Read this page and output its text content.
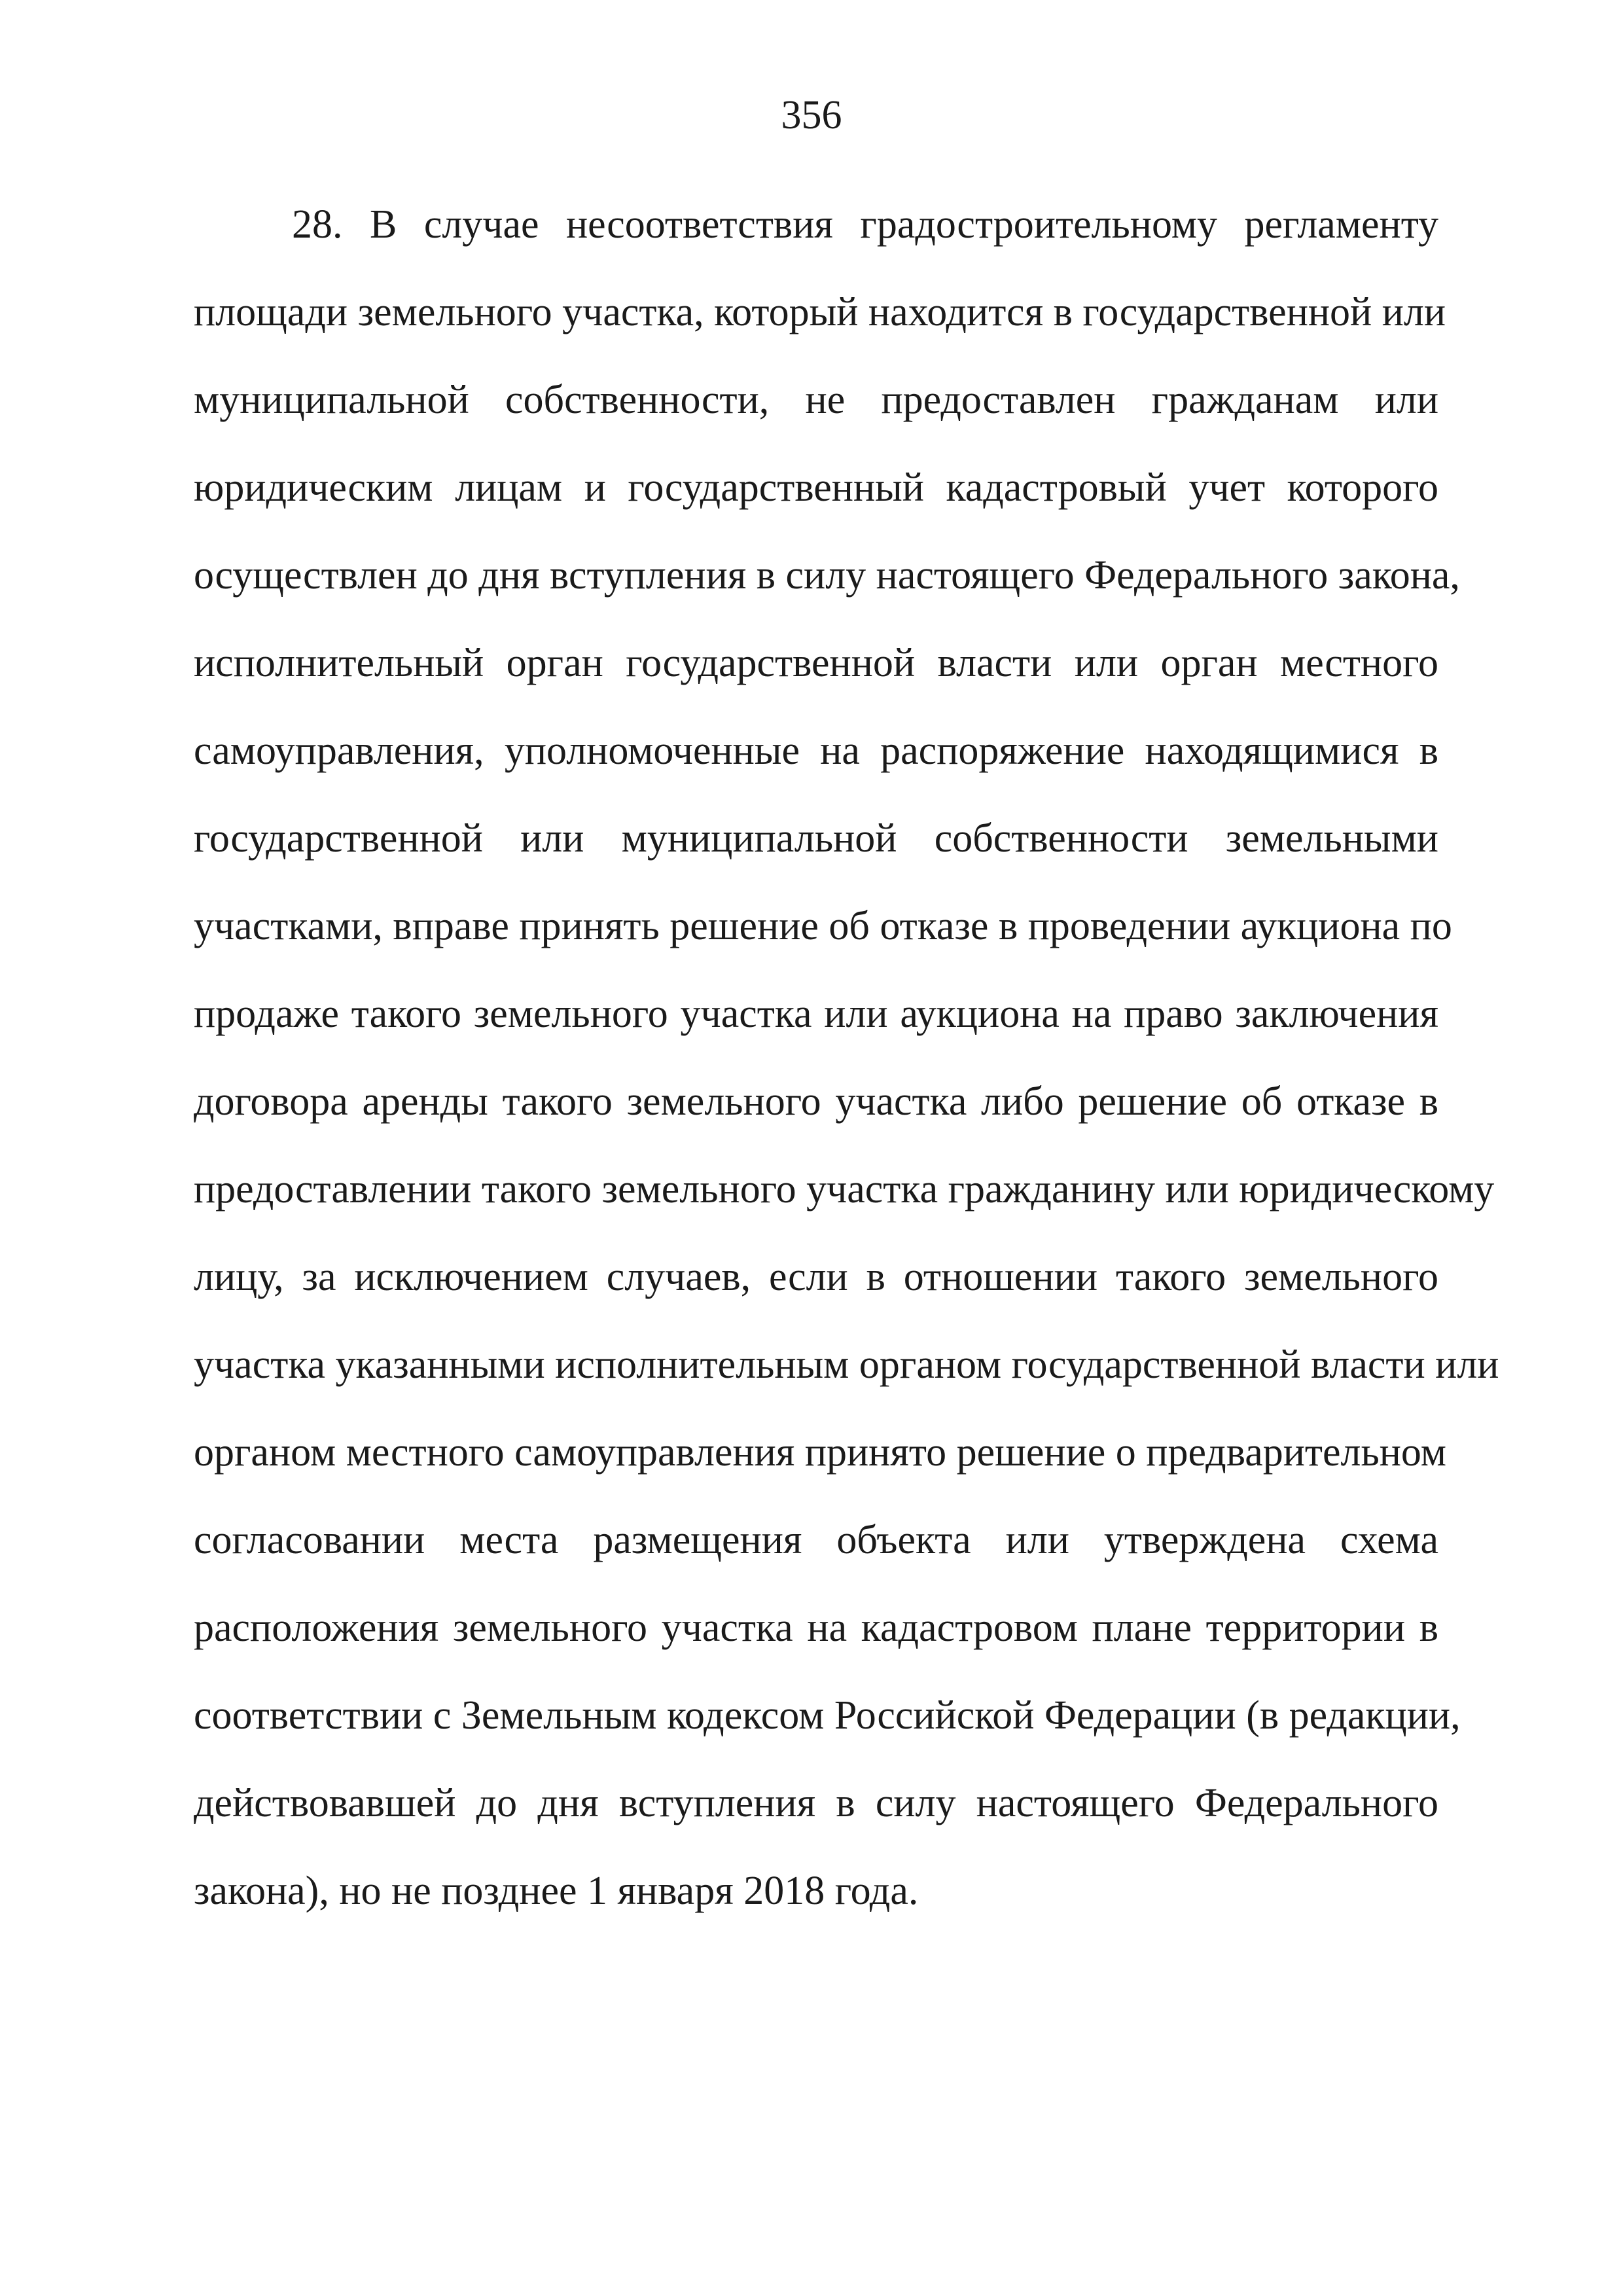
356
28. В случае несоответствия градостроительному регламенту
площади земельного участка, который находится в государственной или
муниципальной собственности, не предоставлен гражданам или
юридическим лицам и государственный кадастровый учет которого
осуществлен до дня вступления в силу настоящего Федерального закона,
исполнительный орган государственной власти или орган местного
самоуправления, уполномоченные на распоряжение находящимися в
государственной или муниципальной собственности земельными
участками, вправе принять решение об отказе в проведении аукциона по
продаже такого земельного участка или аукциона на право заключения
договора аренды такого земельного участка либо решение об отказе в
предоставлении такого земельного участка гражданину или юридическому
лицу, за исключением случаев, если в отношении такого земельного
участка указанными исполнительным органом государственной власти или
органом местного самоуправления принято решение о предварительном
согласовании места размещения объекта или утверждена схема
расположения земельного участка на кадастровом плане территории в
соответствии с Земельным кодексом Российской Федерации (в редакции,
действовавшей до дня вступления в силу настоящего Федерального
закона), но не позднее 1 января 2018 года.
